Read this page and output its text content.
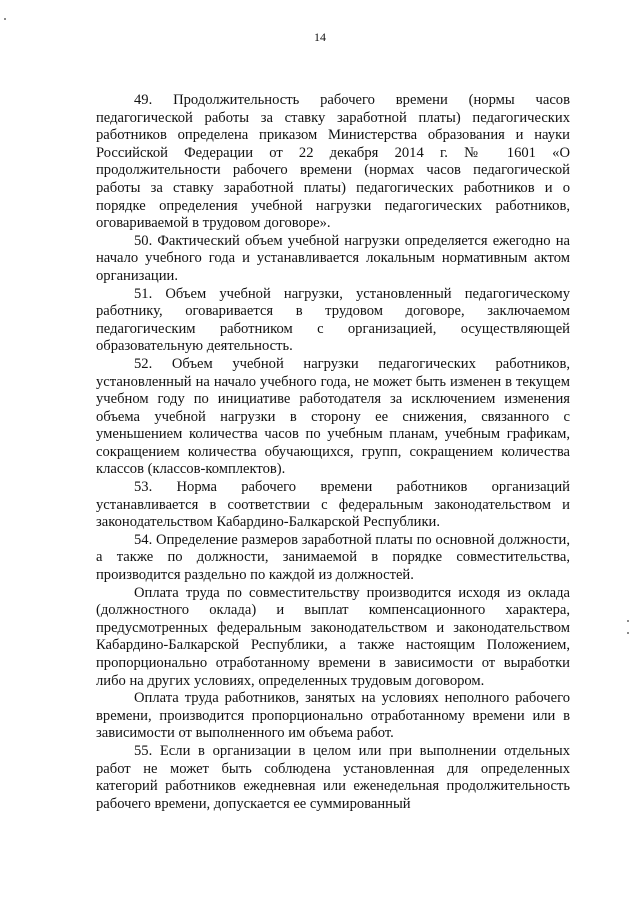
14

49. Продолжительность рабочего времени (нормы часов педагогической работы за ставку заработной платы) педагогических работников определена приказом Министерства образования и науки Российской Федерации от 22 декабря 2014 г. № 1601 «О продолжительности рабочего времени (нормах часов педагогической работы за ставку заработной платы) педагогических работников и о порядке определения учебной нагрузки педагогических работников, оговариваемой в трудовом договоре».

50. Фактический объем учебной нагрузки определяется ежегодно на начало учебного года и устанавливается локальным нормативным актом организации.

51. Объем учебной нагрузки, установленный педагогическому работнику, оговаривается в трудовом договоре, заключаемом педагогическим работником с организацией, осуществляющей образовательную деятельность.

52. Объем учебной нагрузки педагогических работников, установленный на начало учебного года, не может быть изменен в текущем учебном году по инициативе работодателя за исключением изменения объема учебной нагрузки в сторону ее снижения, связанного с уменьшением количества часов по учебным планам, учебным графикам, сокращением количества обучающихся, групп, сокращением количества классов (классов-комплектов).

53. Норма рабочего времени работников организаций устанавливается в соответствии с федеральным законодательством и законодательством Кабардино-Балкарской Республики.

54. Определение размеров заработной платы по основной должности, а также по должности, занимаемой в порядке совместительства, производится раздельно по каждой из должностей.

Оплата труда по совместительству производится исходя из оклада (должностного оклада) и выплат компенсационного характера, предусмотренных федеральным законодательством и законодательством Кабардино-Балкарской Республики, а также настоящим Положением, пропорционально отработанному времени в зависимости от выработки либо на других условиях, определенных трудовым договором.

Оплата труда работников, занятых на условиях неполного рабочего времени, производится пропорционально отработанному времени или в зависимости от выполненного им объема работ.

55. Если в организации в целом или при выполнении отдельных работ не может быть соблюдена установленная для определенных категорий работников ежедневная или еженедельная продолжительность рабочего времени, допускается ее суммированный
